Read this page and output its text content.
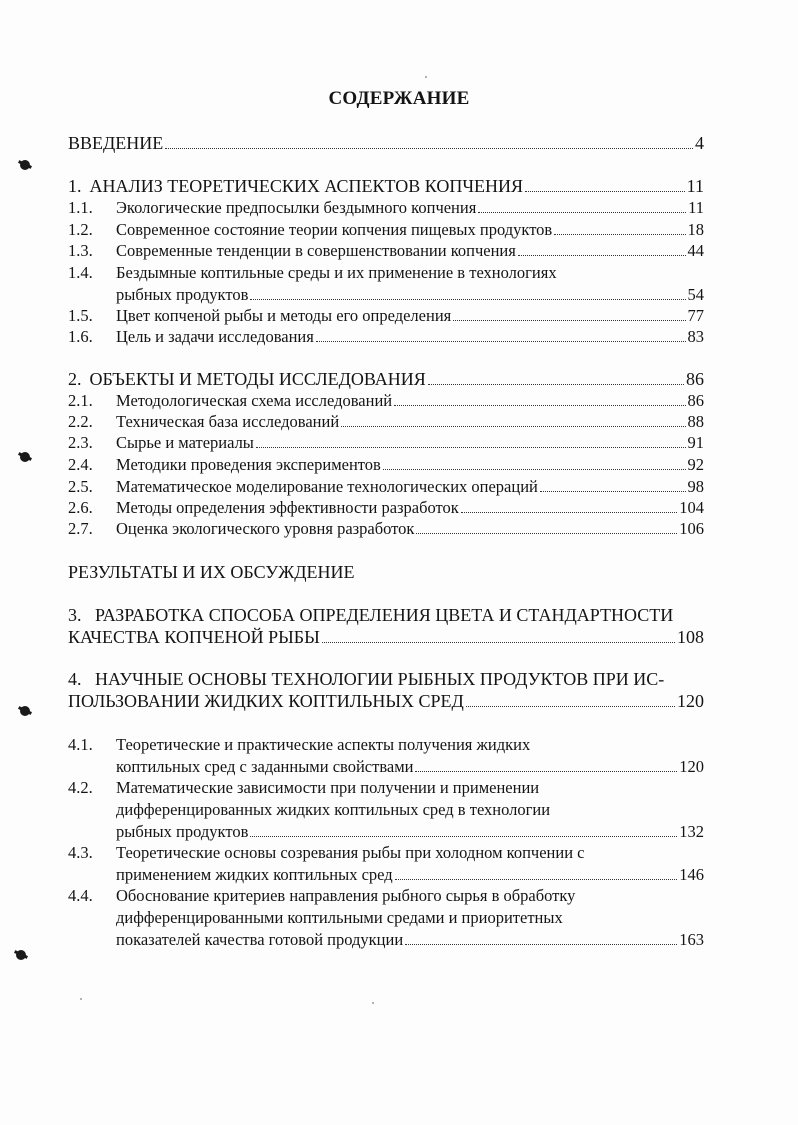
СОДЕРЖАНИЕ
ВВЕДЕНИЕ	4
1. АНАЛИЗ ТЕОРЕТИЧЕСКИХ АСПЕКТОВ КОПЧЕНИЯ	11
1.1. Экологические предпосылки бездымного копчения	11
1.2. Современное состояние теории копчения пищевых продуктов	18
1.3. Современные тенденции в совершенствовании копчения	44
1.4. Бездымные коптильные среды и их применение в технологиях
рыбных продуктов	54
1.5. Цвет копченой рыбы и методы его определения	77
1.6. Цель и задачи исследования	83
2. ОБЪЕКТЫ И МЕТОДЫ ИССЛЕДОВАНИЯ	86
2.1. Методологическая схема исследований	86
2.2. Техническая база исследований	88
2.3. Сырье и материалы	91
2.4. Методики проведения экспериментов	92
2.5. Математическое моделирование технологических операций	98
2.6. Методы определения эффективности разработок	104
2.7. Оценка экологического уровня разработок	106
РЕЗУЛЬТАТЫ И ИХ ОБСУЖДЕНИЕ
3.   РАЗРАБОТКА СПОСОБА ОПРЕДЕЛЕНИЯ ЦВЕТА И СТАНДАРТНОСТИ
КАЧЕСТВА КОПЧЕНОЙ РЫБЫ	108
4.   НАУЧНЫЕ ОСНОВЫ ТЕХНОЛОГИИ РЫБНЫХ ПРОДУКТОВ ПРИ ИС-
ПОЛЬЗОВАНИИ ЖИДКИХ КОПТИЛЬНЫХ СРЕД	120
4.1. Теоретические и практические аспекты получения жидких
коптильных сред с заданными свойствами	120
4.2. Математические зависимости при получении и применении
дифференцированных жидких коптильных сред в технологии
рыбных продуктов	132
4.3. Теоретические основы созревания рыбы при холодном копчении с
применением жидких коптильных сред	146
4.4. Обоснование критериев направления рыбного сырья в обработку
дифференцированными коптильными средами и приоритетных
показателей качества готовой продукции	163
